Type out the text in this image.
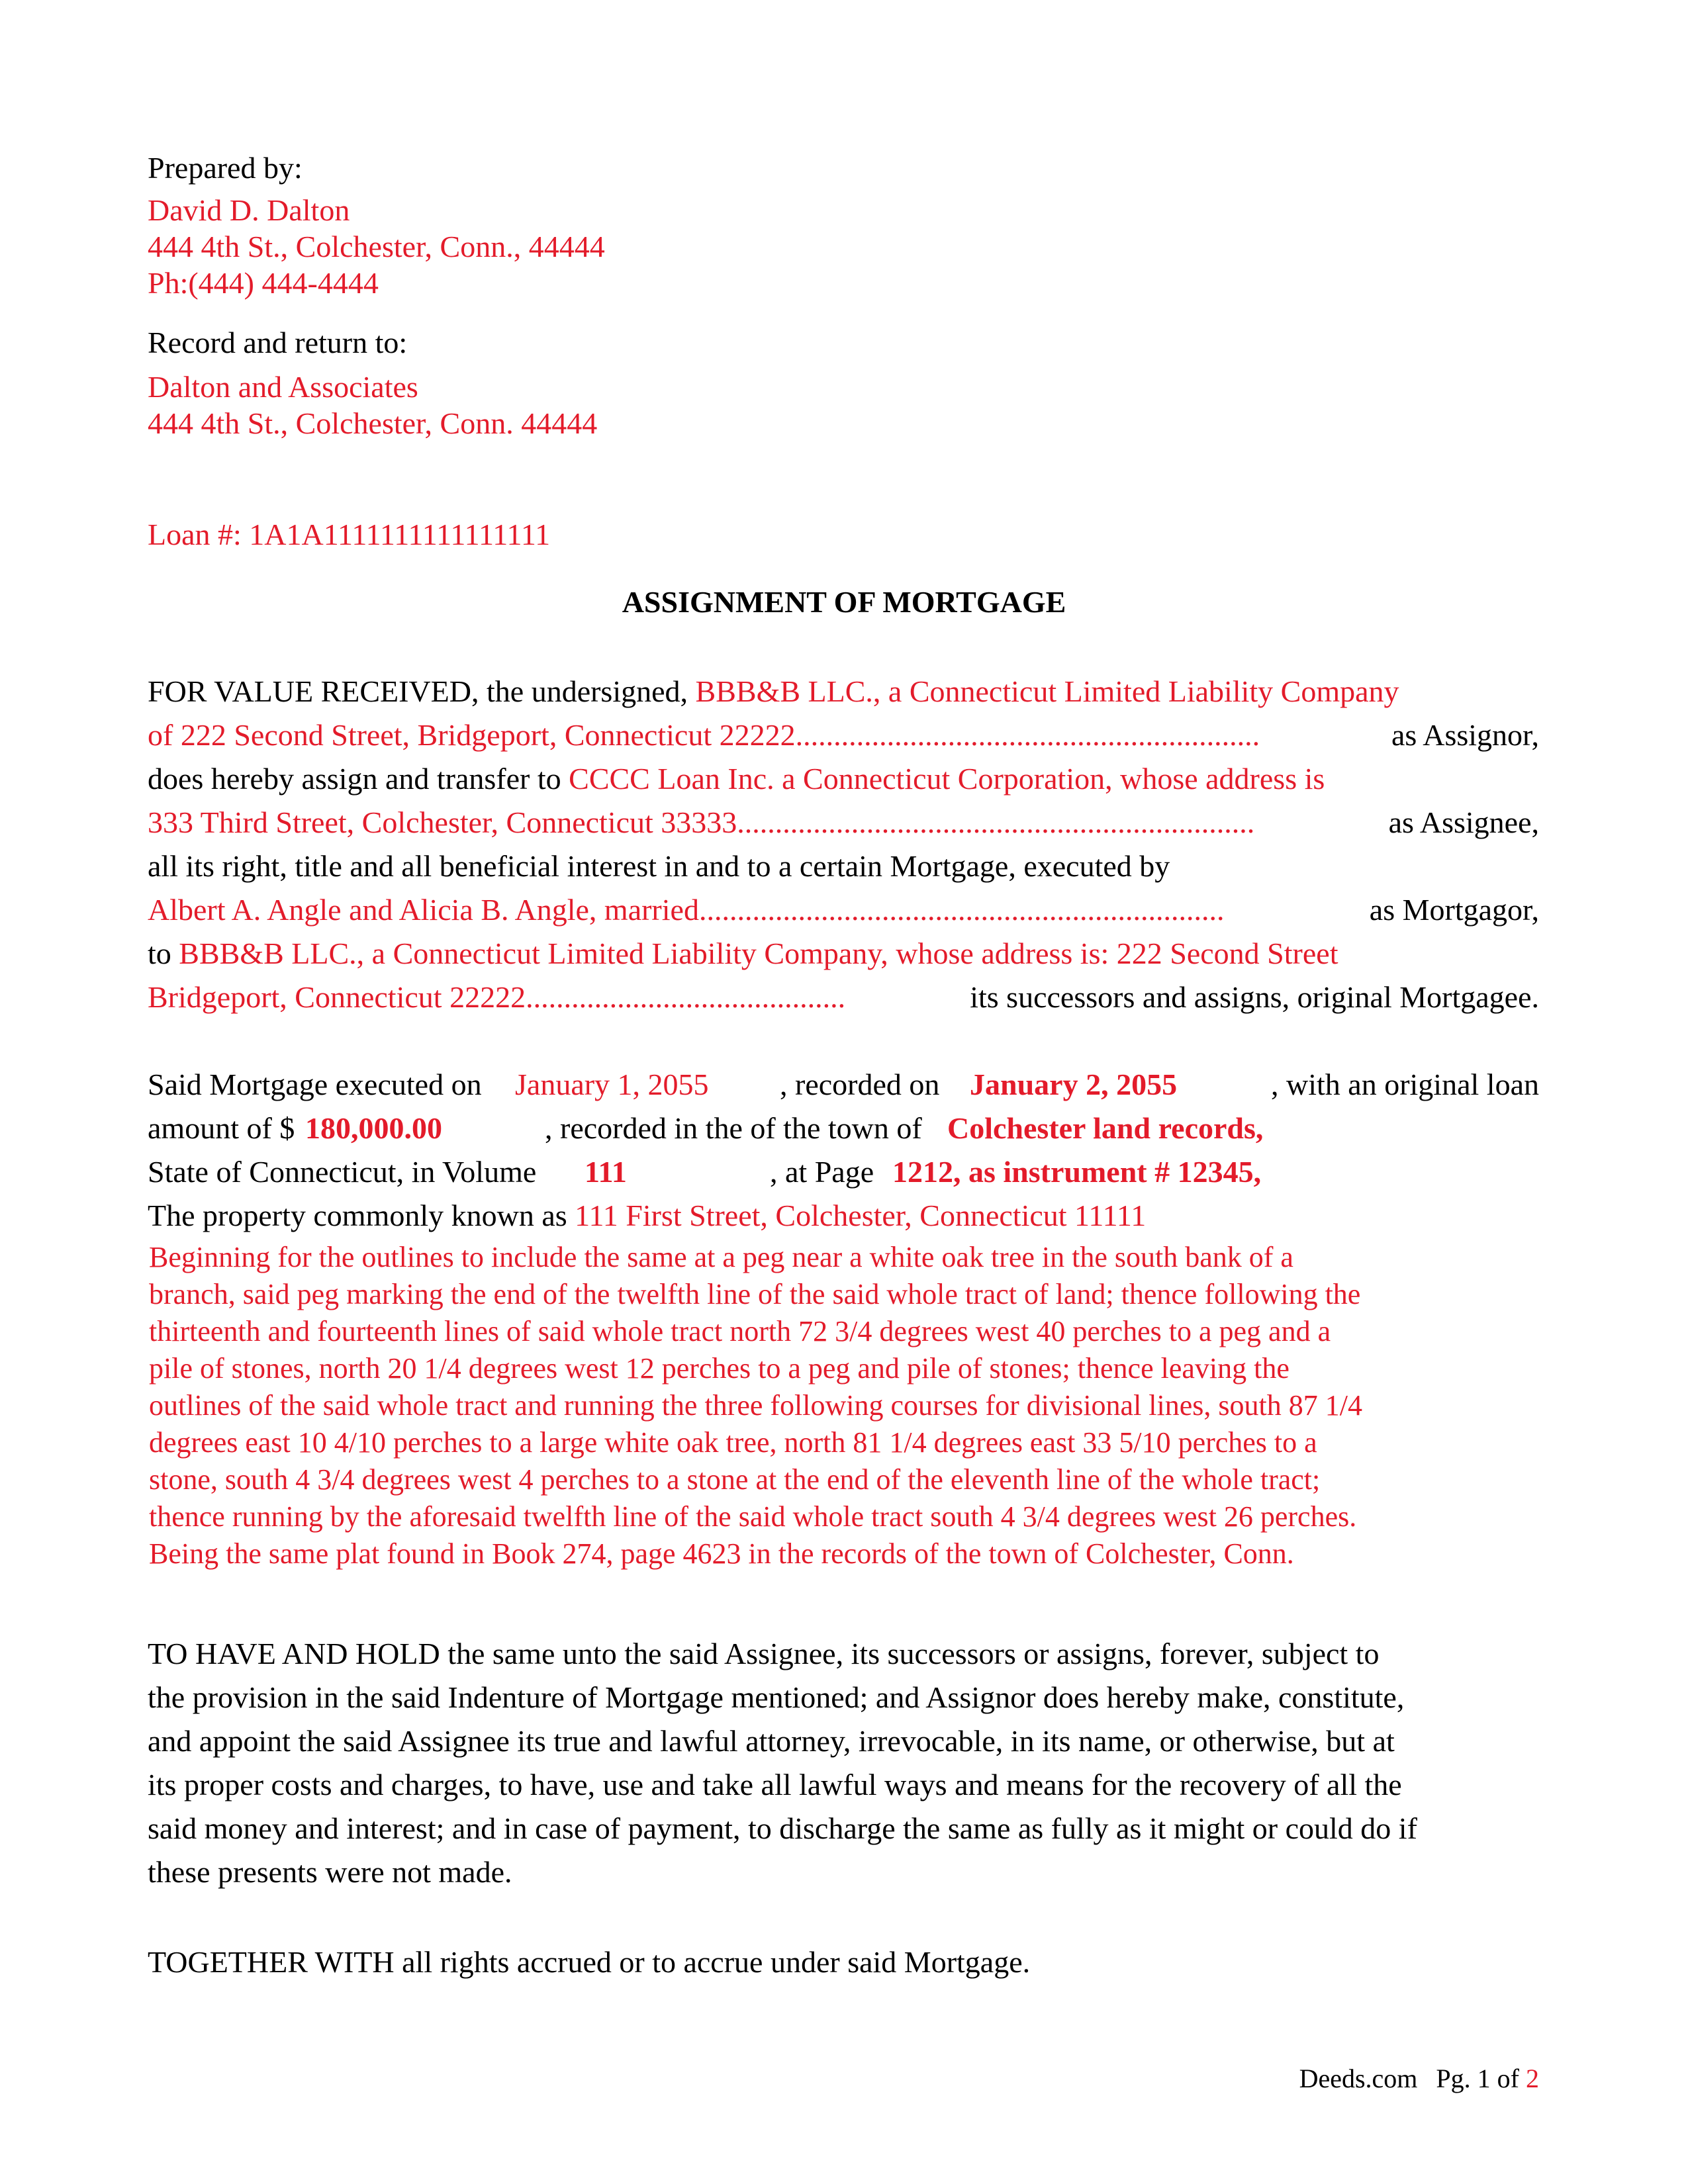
Prepared by:
David D. Dalton
444 4th St., Colchester, Conn., 44444
Ph:(444) 444-4444
Record and return to:
Dalton and Associates
444 4th St., Colchester, Conn. 44444
Loan #: 1A1A1111111111111111
ASSIGNMENT OF MORTGAGE
FOR VALUE RECEIVED, the undersigned, BBB&B LLC., a Connecticut Limited Liability Company
of 222 Second Street, Bridgeport, Connecticut 22222.............................................................	as Assignor,
does hereby assign and transfer to CCCC Loan Inc. a Connecticut Corporation, whose address is
333 Third Street, Colchester, Connecticut 33333....................................................................	as Assignee,
all its right, title and all beneficial interest in and to a certain Mortgage, executed by
Albert A. Angle and Alicia B. Angle, married.....................................................................	as Mortgagor,
to BBB&B LLC., a Connecticut Limited Liability Company, whose address is: 222 Second Street
Bridgeport, Connecticut 22222..........................................	its successors and assigns, original Mortgagee.
Said Mortgage executed on January 1, 2055 , recorded on January 2, 2055	, with an original loan
amount of $ 180,000.00	, recorded in the of the town of Colchester land records,
State of Connecticut, in Volume 111	, at Page 1212, as instrument # 12345,
The property commonly known as 111 First Street, Colchester, Connecticut 11111

Beginning for the outlines to include the same at a peg near a white oak tree in the south bank of a

branch, said peg marking the end of the twelfth line of the said whole tract of land; thence following the

thirteenth and fourteenth lines of said whole tract north 72 3/4 degrees west 40 perches to a peg and a

pile of stones, north 20 1/4 degrees west 12 perches to a peg and pile of stones; thence leaving the

outlines of the said whole tract and running the three following courses for divisional lines, south 87 1/4

degrees east 10 4/10 perches to a large white oak tree, north 81 1/4 degrees east 33 5/10 perches to a

stone, south 4 3/4 degrees west 4 perches to a stone at the end of the eleventh line of the whole tract;

thence running by the aforesaid twelfth line of the said whole tract south 4 3/4 degrees west 26 perches.

Being the same plat found in Book 274, page 4623 in the records of the town of Colchester, Conn.

TO HAVE AND HOLD the same unto the said Assignee, its successors or assigns, forever, subject to

the provision in the said Indenture of Mortgage mentioned; and Assignor does hereby make, constitute,

and appoint the said Assignee its true and lawful attorney, irrevocable, in its name, or otherwise, but at

its proper costs and charges, to have, use and take all lawful ways and means for the recovery of all the

said money and interest; and in case of payment, to discharge the same as fully as it might or could do if

these presents were not made.

TOGETHER WITH all rights accrued or to accrue under said Mortgage.

Deeds.com Pg. 1 of 2
